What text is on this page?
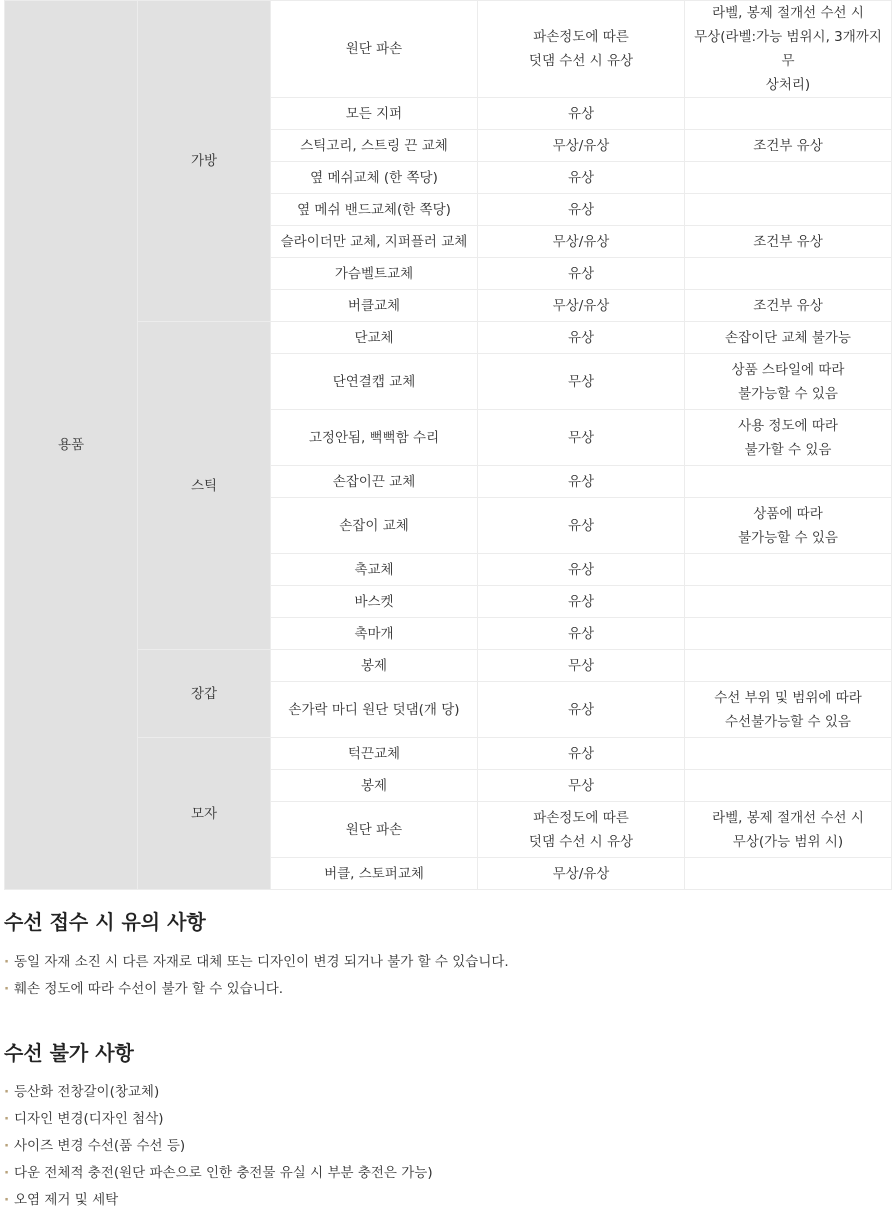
용품	가방	원단 파손	파손정도에 따른
덧댐 수선 시 유상	라벨, 봉제 절개선 수선 시
무상(라벨:가능 범위시, 3개까지 무
상처리)
		모든 지퍼	유상	
		스틱고리, 스트링 끈 교체	무상/유상	조건부 유상
		옆 메쉬교체 (한 쪽당)	유상	
		옆 메쉬 밴드교체(한 쪽당)	유상	
		슬라이더만 교체, 지퍼플러 교체	무상/유상	조건부 유상
		가슴벨트교체	유상	
		버클교체	무상/유상	조건부 유상
	스틱	단교체	유상	손잡이단 교체 불가능
		단연결캡 교체	무상	상품 스타일에 따라
불가능할 수 있음
		고정안됨, 뻑뻑함 수리	무상	사용 정도에 따라
불가할 수 있음
		손잡이끈 교체	유상	
		손잡이 교체	유상	상품에 따라
불가능할 수 있음
		촉교체	유상	
		바스켓	유상	
		촉마개	유상	
	장갑	봉제	무상	
		손가락 마디 원단 덧댐(개 당)	유상	수선 부위 및 범위에 따라
수선불가능할 수 있음
	모자	턱끈교체	유상	
		봉제	무상	
		원단 파손	파손정도에 따른
덧댐 수선 시 유상	라벨, 봉제 절개선 수선 시
무상(가능 범위 시)
		버클, 스토퍼교체	무상/유상	
수선 접수 시 유의 사항
· 동일 자재 소진 시 다른 자재로 대체 또는 디자인이 변경 되거나 불가 할 수 있습니다.
· 훼손 정도에 따라 수선이 불가 할 수 있습니다.
수선 불가 사항
· 등산화 전창갈이(창교체)
· 디자인 변경(디자인 첨삭)
· 사이즈 변경 수선(품 수선 등)
· 다운 전체적 충전(원단 파손으로 인한 충전물 유실 시 부분 충전은 가능)
· 오염 제거 및 세탁
